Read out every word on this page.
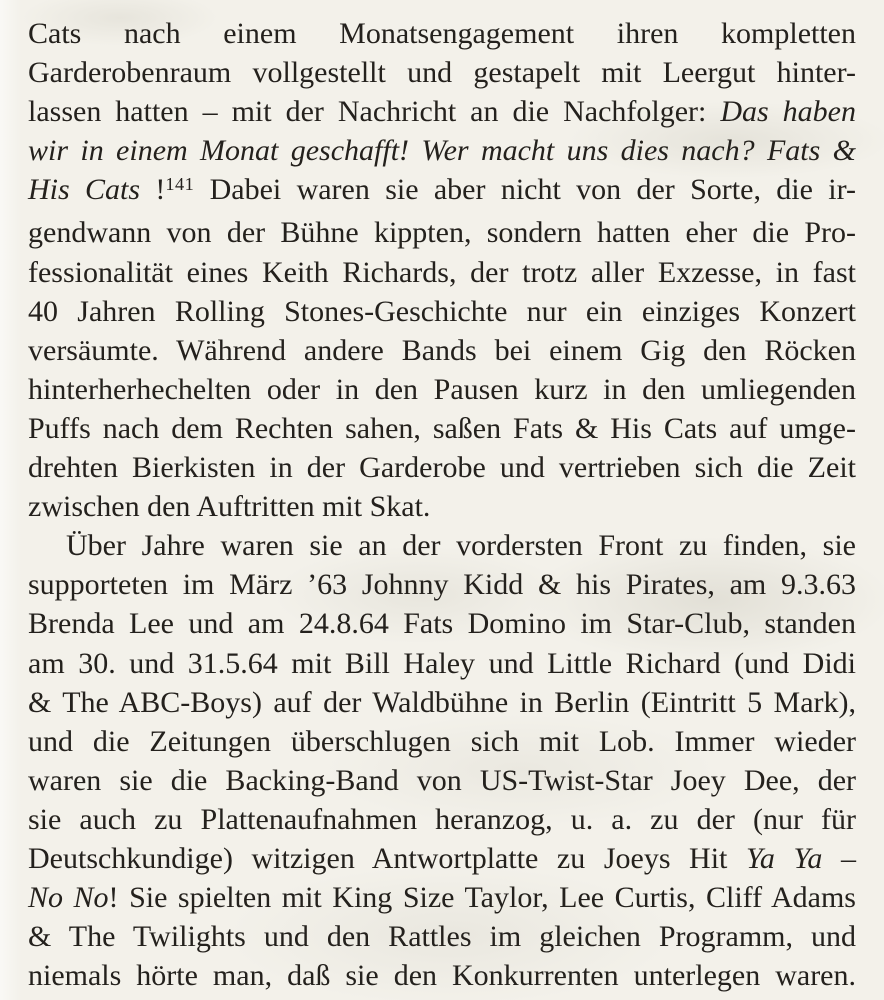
Cats nach einem Monatsengagement ihren kompletten
Garderobenraum vollgestellt und gestapelt mit Leergut hinter-
lassen hatten – mit der Nachricht an die Nachfolger: Das haben
wir in einem Monat geschafft! Wer macht uns dies nach? Fats &
His Cats !$^{141}$ Dabei waren sie aber nicht von der Sorte, die ir-
gendwann von der Bühne kippten, sondern hatten eher die Pro-
fessionalität eines Keith Richards, der trotz aller Exzesse, in fast
40 Jahren Rolling Stones-Geschichte nur ein einziges Konzert
versäumte. Während andere Bands bei einem Gig den Röcken
hinterherhechelten oder in den Pausen kurz in den umliegenden
Puffs nach dem Rechten sahen, saßen Fats & His Cats auf umge-
drehten Bierkisten in der Garderobe und vertrieben sich die Zeit
zwischen den Auftritten mit Skat.
Über Jahre waren sie an der vordersten Front zu finden, sie
supporteten im März ’63 Johnny Kidd & his Pirates, am 9.3.63
Brenda Lee und am 24.8.64 Fats Domino im Star-Club, standen
am 30. und 31.5.64 mit Bill Haley und Little Richard (und Didi
& The ABC-Boys) auf der Waldbühne in Berlin (Eintritt 5 Mark),
und die Zeitungen überschlugen sich mit Lob. Immer wieder
waren sie die Backing-Band von US-Twist-Star Joey Dee, der
sie auch zu Plattenaufnahmen heranzog, u. a. zu der (nur für
Deutschkundige) witzigen Antwortplatte zu Joeys Hit Ya Ya –
No No! Sie spielten mit King Size Taylor, Lee Curtis, Cliff Adams
& The Twilights und den Rattles im gleichen Programm, und
niemals hörte man, daß sie den Konkurrenten unterlegen waren.
